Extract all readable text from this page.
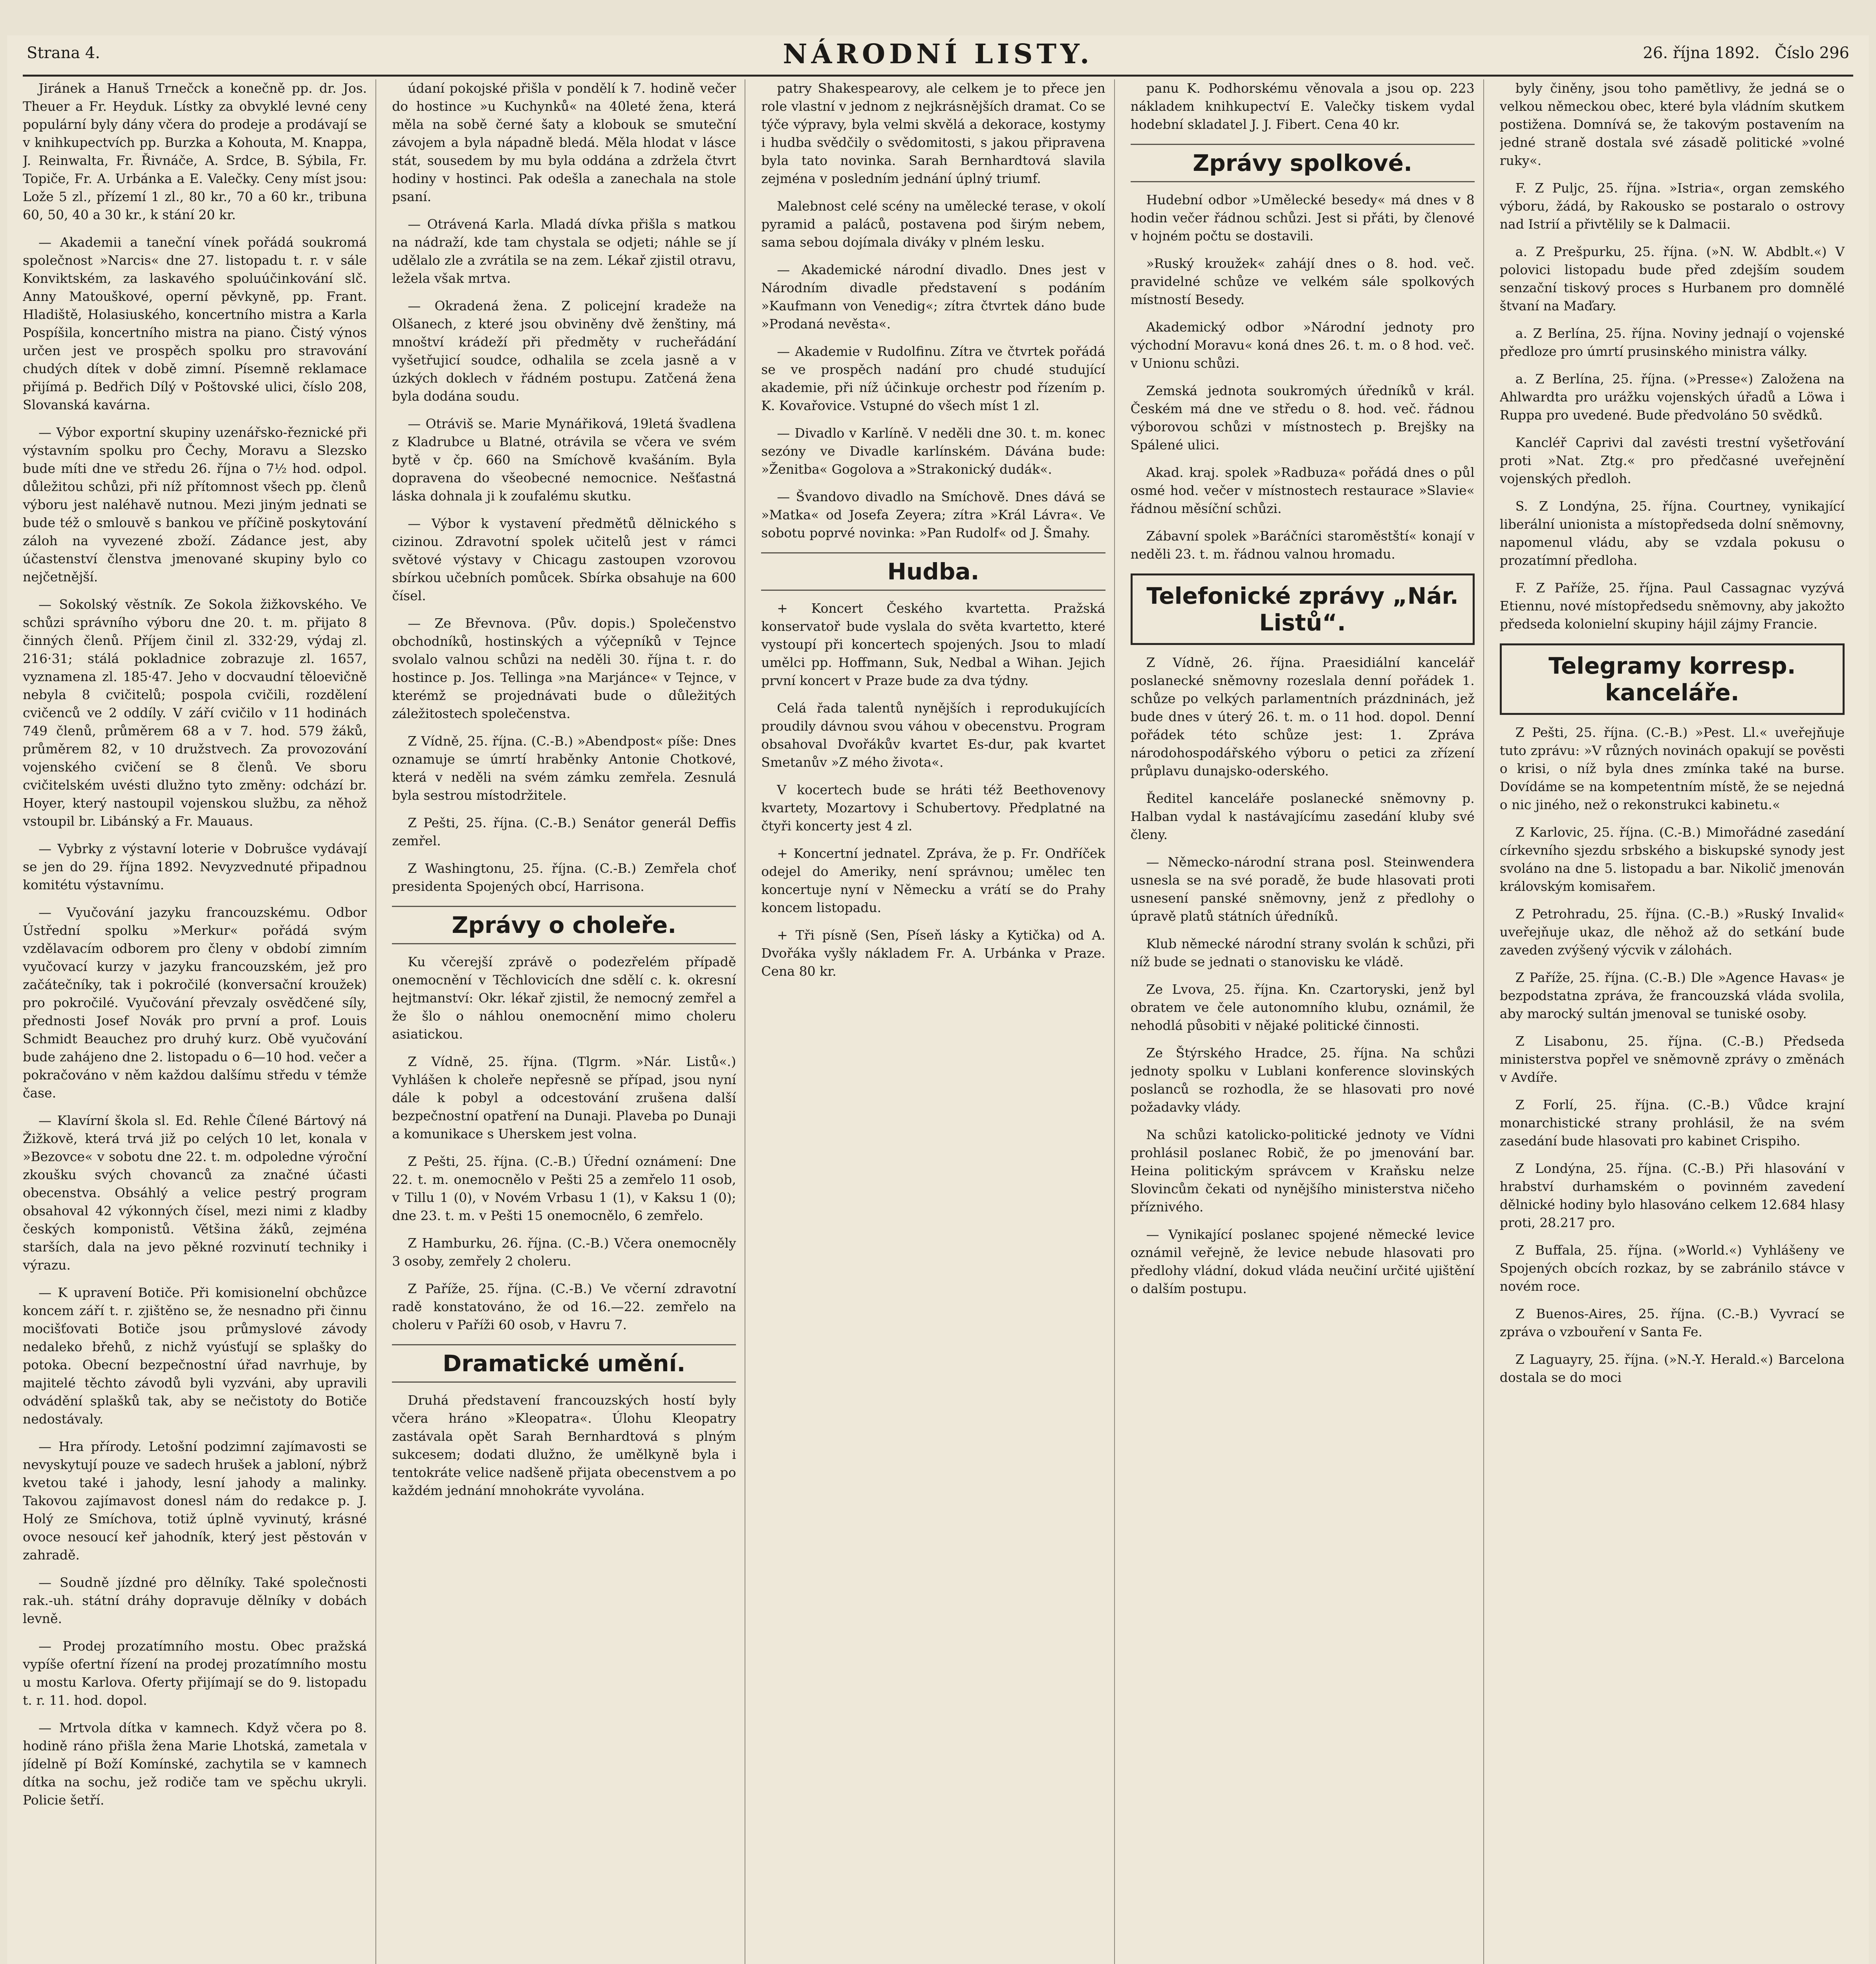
Strana 4.	NÁRODNÍ LISTY.	26. října 1892. Číslo 296

Jiránek a Hanuš Trnečck a konečně pp. dr. Jos. Theuer a Fr. Heyduk. Lístky za obvyklé levné ceny populární byly dány včera do prodeje a prodávají se v knihkupectvích pp. Burzka a Kohouta, M. Knappa, J. Reinwalta, Fr. Řivnáče, A. Srdce, B. Sýbila, Fr. Topiče, Fr. A. Urbánka a E. Valečky. Ceny míst jsou: Lože 5 zl., přízemí 1 zl., 80 kr., 70 a 60 kr., tribuna 60, 50, 40 a 30 kr., k stání 20 kr.

— Akademii a taneční vínek pořádá soukromá společnost »Narcis« dne 27. listopadu t. r. v sále Konviktském, za laskavého spoluúčinkování slč. Anny Matouškové, operní pěvkyně, pp. Frant. Hladiště, Holasiuského, koncertního mistra a Karla Pospíšila, koncertního mistra na piano. Čistý výnos určen jest ve prospěch spolku pro stravování chudých dítek v době zimní. Písemně reklamace přijímá p. Bedřich Dílý v Poštovské ulici, číslo 208, Slovanská kavárna.

— Výbor exportní skupiny uzenářsko-řeznické při výstavním spolku pro Čechy, Moravu a Slezsko bude míti dne ve středu 26. října o 7½ hod. odpol. důležitou schůzi, při níž přítomnost všech pp. členů výboru jest naléhavě nutnou. Mezi jiným jednati se bude též o smlouvě s bankou ve příčině poskytování záloh na vyvezené zboží. Zádance jest, aby účastenství členstva jmenované skupiny bylo co nejčetnější.

— Sokolský věstník. Ze Sokola žižkovského. Ve schůzi správního výboru dne 20. t. m. přijato 8 činných členů. Příjem činil zl. 332·29, výdaj zl. 216·31; stálá pokladnice zobrazuje zl. 1657, vyznamena zl. 185·47. Jeho v docvaudní těloevičně nebyla 8 cvičitelů; pospola cvičili, rozdělení cvičenců ve 2 oddíly. V září cvičilo v 11 hodinách 749 členů, průměrem 68 a v 7. hod. 579 žáků, průměrem 82, v 10 družstvech. Za provozování vojenského cvičení se 8 členů. Ve sboru cvičitelském uvésti dlužno tyto změny: odchází br. Hoyer, který nastoupil vojenskou službu, za něhož vstoupil br. Libánský a Fr. Mauaus.

— Vybrky z výstavní loterie v Dobrušce vydávají se jen do 29. října 1892. Nevyzvednuté připadnou komitétu výstavnímu.

— Vyučování jazyku francouzskému. Odbor Ústřední spolku »Merkur« pořádá svým vzdělavacím odborem pro členy v období zimním vyučovací kurzy v jazyku francouzském, jež pro začátečníky, tak i pokročilé (konversační kroužek) pro pokročilé. Vyučování převzaly osvědčené síly, přednosti Josef Novák pro první a prof. Louis Schmidt Beauchez pro druhý kurz. Obě vyučování bude zahájeno dne 2. listopadu o 6—10 hod. večer a pokračováno v něm každou dalšímu středu v témže čase.

— Klavírní škola sl. Ed. Rehle Čílené Bártový ná Žižkově, která trvá již po celých 10 let, konala v »Bezovce« v sobotu dne 22. t. m. odpoledne výroční zkoušku svých chovanců za značné účasti obecenstva. Obsáhlý a velice pestrý program obsahoval 42 výkonných čísel, mezi nimi z kladby českých komponistů. Většina žáků, zejména starších, dala na jevo pěkné rozvinutí techniky i výrazu.

— K upravení Botiče. Při komisionelní obchůzce koncem září t. r. zjištěno se, že nesnadno při činnu mocišťovati Botiče jsou průmyslové závody nedaleko břehů, z nichž vyúsťují se splašky do potoka. Obecní bezpečnostní úřad navrhuje, by majitelé těchto závodů byli vyzváni, aby upravili odvádění splašků tak, aby se nečistoty do Botiče nedostávaly.

— Hra přírody. Letošní podzimní zajímavosti se nevyskytují pouze ve sadech hrušek a jabloní, nýbrž kvetou také i jahody, lesní jahody a malinky. Takovou zajímavost donesl nám do redakce p. J. Holý ze Smíchova, totiž úplně vyvinutý, krásné ovoce nesoucí keř jahodník, který jest pěstován v zahradě.

— Soudně jízdné pro dělníky. Také společnosti rak.-uh. státní dráhy dopravuje dělníky v dobách levně.

— Prodej prozatímního mostu. Obec pražská vypíše ofertní řízení na prodej prozatímního mostu u mostu Karlova. Oferty přijímají se do 9. listopadu t. r. 11. hod. dopol.

— Mrtvola dítka v kamnech. Když včera po 8. hodině ráno přišla žena Marie Lhotská, zametala v jídelně pí Boží Komínské, zachytila se v kamnech dítka na sochu, jež rodiče tam ve spěchu ukryli. Policie šetří.

údaní pokojské přišla v pondělí k 7. hodině večer do hostince »u Kuchynků« na 40leté žena, která měla na sobě černé šaty a klobouk se smuteční závojem a byla nápadně bledá. Měla hlodat v lásce stát, sousedem by mu byla oddána a zdržela čtvrt hodiny v hostinci. Pak odešla a zanechala na stole psaní.

— Otrávená Karla. Mladá dívka přišla s matkou na nádraží, kde tam chystala se odjeti; náhle se jí udělalo zle a zvrátila se na zem. Lékař zjistil otravu, ležela však mrtva.

— Okradená žena. Z policejní kradeže na Olšanech, z které jsou obviněny dvě ženštiny, má mnoštví krádeží při předměty v rucheřádání vyšetřujicí soudce, odhalila se zcela jasně a v úzkých doklech v řádném postupu. Zatčená žena byla dodána soudu.

— Otráviš se. Marie Mynářiková, 19letá švadlena z Kladrubce u Blatné, otrávila se včera ve svém bytě v čp. 660 na Smíchově kvašáním. Byla dopravena do všeobecné nemocnice. Nešťastná láska dohnala ji k zoufalému skutku.

— Výbor k vystavení předmětů dělnického s cizinou. Zdravotní spolek učitelů jest v rámci světové výstavy v Chicagu zastoupen vzorovou sbírkou učebních pomůcek. Sbírka obsahuje na 600 čísel.

— Ze Břevnova. (Pův. dopis.) Společenstvo obchodníků, hostinských a výčepníků v Tejnce svolalo valnou schůzi na neděli 30. října t. r. do hostince p. Jos. Tellinga »na Marjánce« v Tejnce, v kterémž se projednávati bude o důležitých záležitostech společenstva.

Z Vídně, 25. října. (C.-B.) »Abendpost« píše: Dnes oznamuje se úmrtí hraběnky Antonie Chotkové, která v neděli na svém zámku zemřela. Zesnulá byla sestrou místodržitele.

Z Pešti, 25. října. (C.-B.) Senátor generál Deffis zemřel.

Z Washingtonu, 25. října. (C.-B.) Zemřela choť presidenta Spojených obcí, Harrisona.

Zprávy o choleře.

Ku včerejší zprávě o podezřelém případě onemocnění v Těchlovicích dne sdělí c. k. okresní hejtmanství: Okr. lékař zjistil, že nemocný zemřel a že šlo o náhlou onemocnění mimo choleru asiatickou.

Z Vídně, 25. října. (Tlgrm. »Nár. Listů«.) Vyhlášen k choleře nepřesně se případ, jsou nyní dále k pobyl a odcestování zrušena další bezpečnostní opatření na Dunaji. Plaveba po Dunaji a komunikace s Uherskem jest volna.

Z Pešti, 25. října. (C.-B.) Úřední oznámení: Dne 22. t. m. onemocnělo v Pešti 25 a zemřelo 11 osob, v Tillu 1 (0), v Novém Vrbasu 1 (1), v Kaksu 1 (0); dne 23. t. m. v Pešti 15 onemocnělo, 6 zemřelo.

Z Hamburku, 26. října. (C.-B.) Včera onemocněly 3 osoby, zemřely 2 choleru.

Z Paříže, 25. října. (C.-B.) Ve včerní zdravotní radě konstatováno, že od 16.—22. zemřelo na choleru v Paříži 60 osob, v Havru 7.

Dramatické umění.

Druhá představení francouzských hostí byly včera hráno »Kleopatra«. Úlohu Kleopatry zastávala opět Sarah Bernhardtová s plným sukcesem; dodati dlužno, že umělkyně byla i tentokráte velice nadšeně přijata obecenstvem a po každém jednání mnohokráte vyvolána.

patry Shakespearovy, ale celkem je to přece jen role vlastní v jednom z nejkrásnějších dramat. Co se týče výpravy, byla velmi skvělá a dekorace, kostymy i hudba svědčily o svědomitosti, s jakou připravena byla tato novinka. Sarah Bernhardtová slavila zejména v posledním jednání úplný triumf.

Malebnost celé scény na umělecké terase, v okolí pyramid a paláců, postavena pod širým nebem, sama sebou dojímala diváky v plném lesku.

— Akademické národní divadlo. Dnes jest v Národním divadle představení s podáním »Kaufmann von Venedig«; zítra čtvrtek dáno bude »Prodaná nevěsta«.

— Akademie v Rudolfinu. Zítra ve čtvrtek pořádá se ve prospěch nadání pro chudé studující akademie, při níž účinkuje orchestr pod řízením p. K. Kovařovice. Vstupné do všech míst 1 zl.

— Divadlo v Karlíně. V neděli dne 30. t. m. konec sezóny ve Divadle karlínském. Dávána bude: »Ženitba« Gogolova a »Strakonický dudák«.

— Švandovo divadlo na Smíchově. Dnes dává se »Matka« od Josefa Zeyera; zítra »Král Lávra«. Ve sobotu poprvé novinka: »Pan Rudolf« od J. Šmahy.

Hudba.

+ Koncert Českého kvartetta. Pražská konservatoř bude vyslala do světa kvartetto, které vystoupí při koncertech spojených. Jsou to mladí umělci pp. Hoffmann, Suk, Nedbal a Wihan. Jejich první koncert v Praze bude za dva týdny.

Celá řada talentů nynějších i reprodukujících proudily dávnou svou váhou v obecenstvu. Program obsahoval Dvořákův kvartet Es-dur, pak kvartet Smetanův »Z mého života«.

V kocertech bude se hráti též Beethovenovy kvartety, Mozartovy i Schubertovy. Předplatné na čtyři koncerty jest 4 zl.

+ Koncertní jednatel. Zpráva, že p. Fr. Ondříček odejel do Ameriky, není správnou; umělec ten koncertuje nyní v Německu a vrátí se do Prahy koncem listopadu.

+ Tři písně (Sen, Píseň lásky a Kytička) od A. Dvořáka vyšly nákladem Fr. A. Urbánka v Praze. Cena 80 kr.

panu K. Podhorskému věnovala a jsou op. 223 nákladem knihkupectví E. Valečky tiskem vydal hodební skladatel J. J. Fibert. Cena 40 kr.

Zprávy spolkové.

Hudební odbor »Umělecké besedy« má dnes v 8 hodin večer řádnou schůzi. Jest si přáti, by členové v hojném počtu se dostavili.

»Ruský kroužek« zahájí dnes o 8. hod. več. pravidelné schůze ve velkém sále spolkových místností Besedy.

Akademický odbor »Národní jednoty pro východní Moravu« koná dnes 26. t. m. o 8 hod. več. v Unionu schůzi.

Zemská jednota soukromých úředníků v král. Českém má dne ve středu o 8. hod. več. řádnou výborovou schůzi v místnostech p. Brejšky na Spálené ulici.

Akad. kraj. spolek »Radbuza« pořádá dnes o půl osmé hod. večer v místnostech restaurace »Slavie« řádnou měsíční schůzi.

Zábavní spolek »Baráčníci staroměstští« konají v neděli 23. t. m. řádnou valnou hromadu.

Telefonické zprávy „Nár. Listů“.

Z Vídně, 26. října. Praesidiální kancelář poslanecké sněmovny rozeslala denní pořádek 1. schůze po velkých parlamentních prázdninách, jež bude dnes v úterý 26. t. m. o 11 hod. dopol. Denní pořádek této schůze jest: 1. Zpráva národohospodářského výboru o petici za zřízení průplavu dunajsko-oderského.

Ředitel kanceláře poslanecké sněmovny p. Halban vydal k nastávajícímu zasedání kluby své členy.

— Německo-národní strana posl. Steinwendera usnesla se na své poradě, že bude hlasovati proti usnesení panské sněmovny, jenž z předlohy o úpravě platů státních úředníků.

Klub německé národní strany svolán k schůzi, při níž bude se jednati o stanovisku ke vládě.

Ze Lvova, 25. října. Kn. Czartoryski, jenž byl obratem ve čele autonomního klubu, oznámil, že nehodlá působiti v nějaké politické činnosti.

Ze Štýrského Hradce, 25. října. Na schůzi jednoty spolku v Lublani konference slovinských poslanců se rozhodla, že se hlasovati pro nové požadavky vlády.

Na schůzi katolicko-politické jednoty ve Vídni prohlásil poslanec Robič, že po jmenování bar. Heina politickým správcem v Kraňsku nelze Slovincům čekati od nynějšího ministerstva ničeho příznivého.

— Vynikající poslanec spojené německé levice oznámil veřejně, že levice nebude hlasovati pro předlohy vládní, dokud vláda neučiní určité ujištění o dalším postupu.

byly činěny, jsou toho pamětlivy, že jedná se o velkou německou obec, které byla vládním skutkem postižena. Domnívá se, že takovým postavením na jedné straně dostala své zásadě politické »volné ruky«.

F. Z Puljc, 25. října. »Istria«, organ zemského výboru, žádá, by Rakousko se postaralo o ostrovy nad Istrií a přivtělily se k Dalmacii.

a. Z Prešpurku, 25. října. (»N. W. Abdblt.«) V polovici listopadu bude před zdejším soudem senzační tiskový proces s Hurbanem pro domnělé štvaní na Maďary.

a. Z Berlína, 25. října. Noviny jednají o vojenské předloze pro úmrtí prusinského ministra války.

a. Z Berlína, 25. října. (»Presse«) Založena na Ahlwardta pro urážku vojenských úřadů a Löwa i Ruppa pro uvedené. Bude předvoláno 50 svědků.

Kancléř Caprivi dal zavésti trestní vyšetřování proti »Nat. Ztg.« pro předčasné uveřejnění vojenských předloh.

S. Z Londýna, 25. října. Courtney, vynikající liberální unionista a místopředseda dolní sněmovny, napomenul vládu, aby se vzdala pokusu o prozatímní předloha.

F. Z Paříže, 25. října. Paul Cassagnac vyzývá Etiennu, nové místopředsedu sněmovny, aby jakožto předseda kolonielní skupiny hájil zájmy Francie.

Telegramy korresp. kanceláře.

Z Pešti, 25. října. (C.-B.) »Pest. Ll.« uveřejňuje tuto zprávu: »V různých novinách opakují se pověsti o krisi, o níž byla dnes zmínka také na burse. Dovídáme se na kompetentním místě, že se nejedná o nic jiného, než o rekonstrukci kabinetu.«

Z Karlovic, 25. října. (C.-B.) Mimořádné zasedání církevního sjezdu srbského a biskupské synody jest svoláno na dne 5. listopadu a bar. Nikolič jmenován královským komisařem.

Z Petrohradu, 25. října. (C.-B.) »Ruský Invalid« uveřejňuje ukaz, dle něhož až do setkání bude zaveden zvýšený výcvik v zálohách.

Z Paříže, 25. října. (C.-B.) Dle »Agence Havas« je bezpodstatna zpráva, že francouzská vláda svolila, aby marocký sultán jmenoval se tuniské osoby.

Z Lisabonu, 25. října. (C.-B.) Předseda ministerstva popřel ve sněmovně zprávy o změnách v Avdíře.

Z Forlí, 25. října. (C.-B.) Vůdce krajní monarchistické strany prohlásil, že na svém zasedání bude hlasovati pro kabinet Crispiho.

Z Londýna, 25. října. (C.-B.) Při hlasování v hrabství durhamském o povinném zavedení dělnické hodiny bylo hlasováno celkem 12.684 hlasy proti, 28.217 pro.

Z Buffala, 25. října. (»World.«) Vyhlášeny ve Spojených obcích rozkaz, by se zabránilo stávce v novém roce.

Z Buenos-Aires, 25. října. (C.-B.) Vyvrací se zpráva o vzbouření v Santa Fe.

Z Laguayry, 25. října. (»N.-Y. Herald.«) Barcelona dostala se do moci
